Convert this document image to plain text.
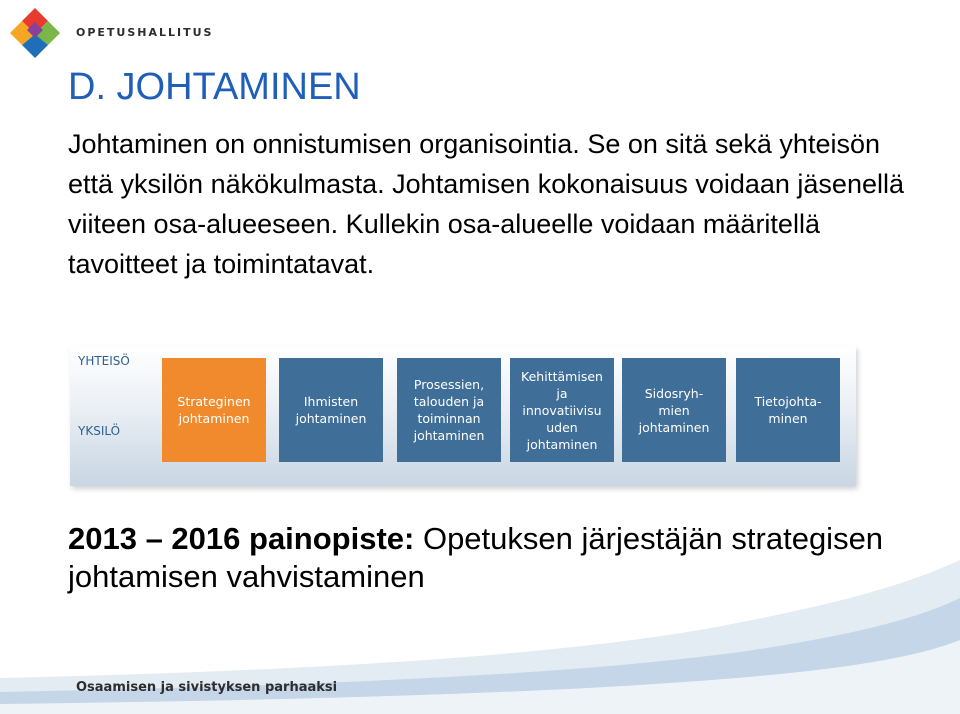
OPETUSHALLITUS
D. JOHTAMINEN

Johtaminen on onnistumisen organisointia. Se on sitä sekä yhteisön että yksilön näkökulmasta. Johtamisen kokonaisuus voidaan jäsenellä viiteen osa-alueeseen. Kullekin osa-alueelle voidaan määritellä tavoitteet ja toimintatavat.

YHTEISÖ
YKSILÖ
Strateginen
johtaminen
Ihmisten
johtaminen
Prosessien,
talouden ja
toiminnan
johtaminen
Kehittämisen
ja
innovatiivisu
uden
johtaminen
Sidosryh-
mien
johtaminen
Tietojohta-
minen

2013 – 2016 painopiste: Opetuksen järjestäjän strategisen johtamisen vahvistaminen

Osaamisen ja sivistyksen parhaaksi
